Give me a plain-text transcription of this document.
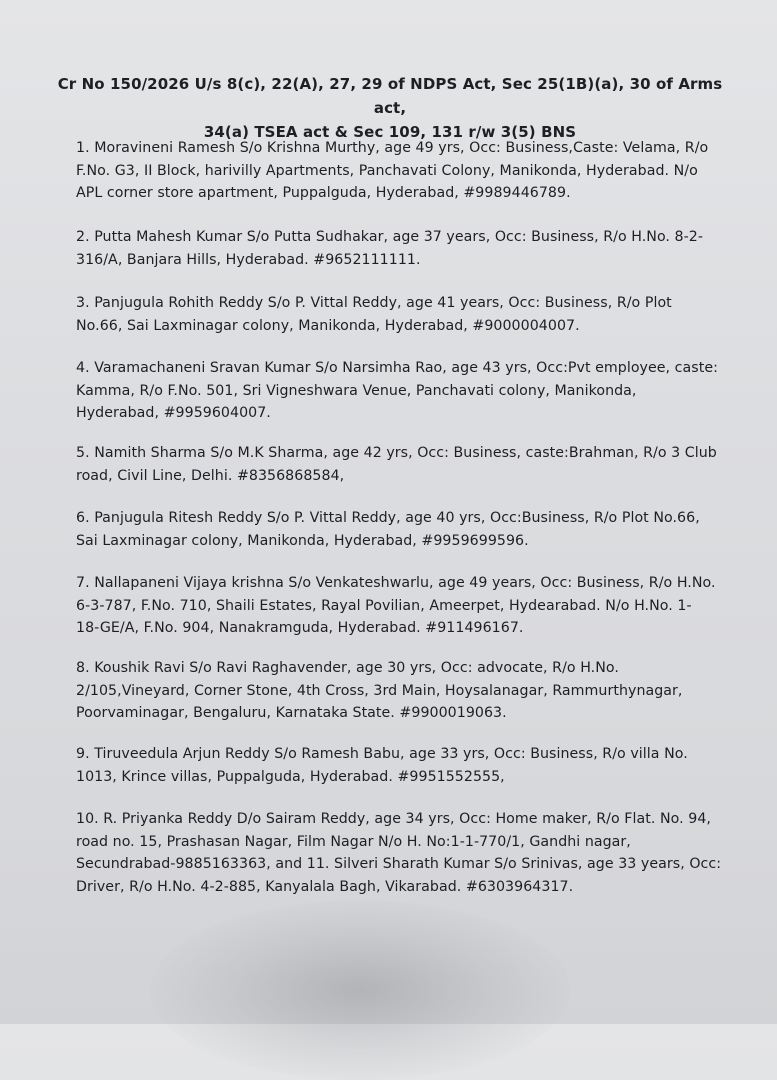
Cr No 150/2026 U/s 8(c), 22(A), 27, 29 of NDPS Act, Sec 25(1B)(a), 30 of Arms act,
34(a) TSEA act & Sec 109, 131 r/w 3(5) BNS
1. Moravineni Ramesh S/o Krishna Murthy, age 49 yrs, Occ: Business,Caste: Velama, R/o
F.No. G3, II Block, harivilly Apartments, Panchavati Colony, Manikonda, Hyderabad. N/o
APL corner store apartment, Puppalguda, Hyderabad, #9989446789.
2. Putta Mahesh Kumar S/o Putta Sudhakar, age 37 years, Occ: Business, R/o H.No. 8-2-
316/A, Banjara Hills, Hyderabad. #9652111111.
3. Panjugula Rohith Reddy S/o P. Vittal Reddy, age 41 years, Occ: Business, R/o Plot
No.66, Sai Laxminagar colony, Manikonda, Hyderabad, #9000004007.
4. Varamachaneni Sravan Kumar S/o Narsimha Rao, age 43 yrs, Occ:Pvt employee, caste:
Kamma, R/o F.No. 501, Sri Vigneshwara Venue, Panchavati colony, Manikonda,
Hyderabad, #9959604007.
5. Namith Sharma S/o M.K Sharma, age 42 yrs, Occ: Business, caste:Brahman, R/o 3 Club
road, Civil Line, Delhi. #8356868584,
6. Panjugula Ritesh Reddy S/o P. Vittal Reddy, age 40 yrs, Occ:Business, R/o Plot No.66,
Sai Laxminagar colony, Manikonda, Hyderabad, #9959699596.
7. Nallapaneni Vijaya krishna S/o Venkateshwarlu, age 49 years, Occ: Business, R/o H.No.
6-3-787, F.No. 710, Shaili Estates, Rayal Povilian, Ameerpet, Hydearabad. N/o H.No. 1-
18-GE/A, F.No. 904, Nanakramguda, Hyderabad. #911496167.
8. Koushik Ravi S/o Ravi Raghavender, age 30 yrs, Occ: advocate, R/o H.No.
2/105,Vineyard, Corner Stone, 4th Cross, 3rd Main, Hoysalanagar, Rammurthynagar,
Poorvaminagar, Bengaluru, Karnataka State. #9900019063.
9. Tiruveedula Arjun Reddy S/o Ramesh Babu, age 33 yrs, Occ: Business, R/o villa No.
1013, Krince villas, Puppalguda, Hyderabad. #9951552555,
10. R. Priyanka Reddy D/o Sairam Reddy, age 34 yrs, Occ: Home maker, R/o Flat. No. 94,
road no. 15, Prashasan Nagar, Film Nagar N/o H. No:1-1-770/1, Gandhi nagar,
Secundrabad-9885163363, and 11. Silveri Sharath Kumar S/o Srinivas, age 33 years, Occ:
Driver, R/o H.No. 4-2-885, Kanyalala Bagh, Vikarabad. #6303964317.
